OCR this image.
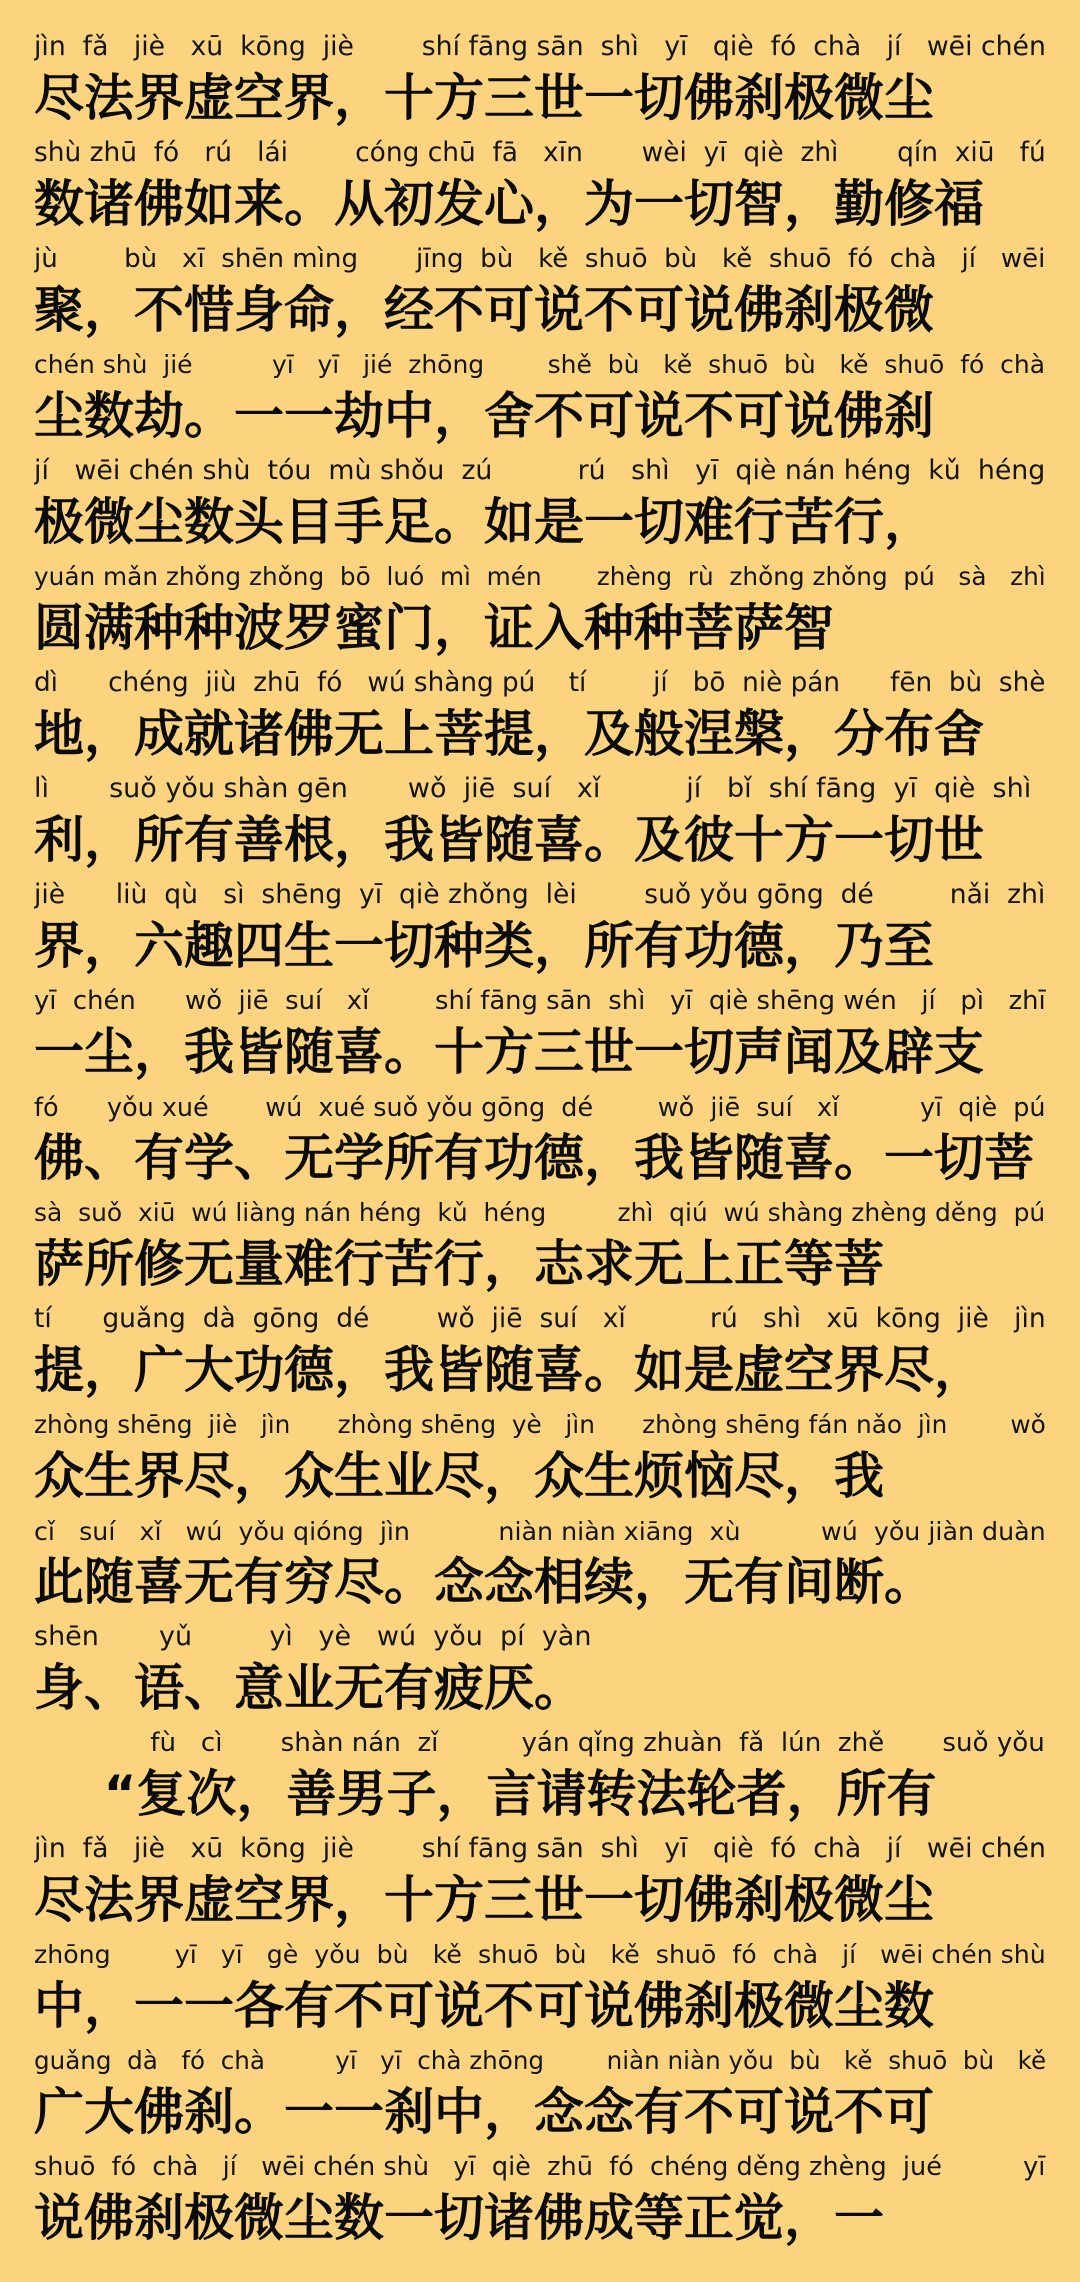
jìn  fǎ   jiè   xū  kōng  jiè        shí fāng sān  shì   yī   qiè  fó  chà   jí   wēi chén
尽法界虚空界，十方三世一切佛刹极微尘
shù zhū  fó   rú   lái        cóng chū  fā   xīn       wèi  yī  qiè  zhì       qín  xiū   fú
数诸佛如来。从初发心，为一切智，勤修福
jù        bù   xī  shēn mìng       jīng  bù   kě  shuō  bù   kě  shuō  fó  chà   jí   wēi
聚，不惜身命，经不可说不可说佛刹极微
chén shù  jié          yī   yī   jié  zhōng        shě  bù   kě  shuō  bù   kě  shuō  fó  chà
尘数劫。一一劫中，舍不可说不可说佛刹
jí   wēi chén shù  tóu  mù shǒu  zú          rú   shì   yī  qiè nán héng  kǔ  héng
极微尘数头目手足。如是一切难行苦行，
yuán mǎn zhǒng zhǒng  bō  luó  mì  mén       zhèng  rù  zhǒng zhǒng  pú   sà   zhì
圆满种种波罗蜜门，证入种种菩萨智
dì      chéng  jiù  zhū  fó   wú shàng pú    tí        jí   bō  niè pán      fēn  bù  shè
地，成就诸佛无上菩提，及般涅槃，分布舍
lì       suǒ yǒu shàn gēn       wǒ  jiē  suí   xǐ          jí   bǐ  shí fāng  yī  qiè  shì
利，所有善根，我皆随喜。及彼十方一切世
jiè      liù  qù   sì  shēng  yī  qiè zhǒng  lèi        suǒ yǒu gōng  dé         nǎi  zhì
界，六趣四生一切种类，所有功德，乃至
yī  chén      wǒ  jiē  suí   xǐ        shí fāng sān  shì   yī  qiè shēng wén   jí   pì   zhī
一尘，我皆随喜。十方三世一切声闻及辟支
fó      yǒu xué       wú  xué suǒ yǒu gōng  dé        wǒ  jiē  suí   xǐ          yī  qiè  pú
佛、有学、无学所有功德，我皆随喜。一切菩
sà  suǒ  xiū  wú liàng nán héng  kǔ  héng         zhì  qiú  wú shàng zhèng děng  pú
萨所修无量难行苦行，志求无上正等菩
tí      guǎng  dà  gōng  dé        wǒ  jiē  suí   xǐ          rú   shì   xū  kōng  jiè   jìn
提，广大功德，我皆随喜。如是虚空界尽，
zhòng shēng  jiè   jìn      zhòng shēng  yè   jìn      zhòng shēng fán nǎo  jìn        wǒ
众生界尽，众生业尽，众生烦恼尽，我
cǐ   suí   xǐ   wú  yǒu qióng  jìn           niàn niàn xiāng  xù          wú  yǒu jiàn duàn
此随喜无有穷尽。念念相续，无有间断。
shēn       yǔ         yì   yè   wú  yǒu  pí  yàn
身、语、意业无有疲厌。
fù   cì       shàn nán  zǐ          yán qǐng zhuàn  fǎ  lún  zhě       suǒ yǒu
“复次，善男子，言请转法轮者，所有
jìn  fǎ   jiè   xū  kōng  jiè        shí fāng sān  shì   yī   qiè  fó  chà   jí   wēi chén
尽法界虚空界，十方三世一切佛刹极微尘
zhōng        yī   yī   gè  yǒu  bù   kě  shuō  bù   kě  shuō  fó  chà   jí   wēi chén shù
中，一一各有不可说不可说佛刹极微尘数
guǎng  dà   fó  chà         yī   yī  chà zhōng        niàn niàn yǒu  bù   kě  shuō  bù   kě
广大佛刹。一一刹中，念念有不可说不可
shuō  fó  chà   jí   wēi chén shù   yī  qiè  zhū  fó  chéng děng zhèng  jué          yī
说佛刹极微尘数一切诸佛成等正觉，一
